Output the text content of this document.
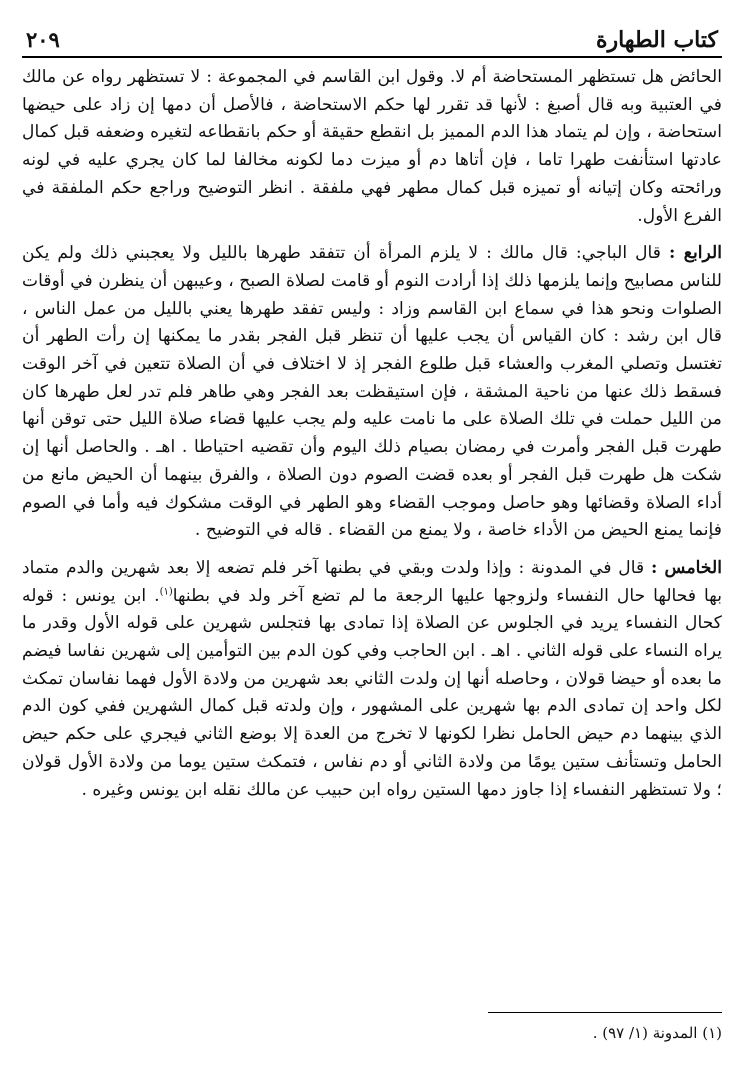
كتاب الطهارة
٢٠٩

الحائض هل تستظهر المستحاضة أم لا. وقول ابن القاسم في المجموعة : لا تستظهر رواه عن مالك في العتبية وبه قال أصبغ : لأنها قد تقرر لها حكم الاستحاضة ، فالأصل أن دمها إن زاد على حيضها استحاضة ، وإن لم يتماد هذا الدم المميز بل انقطع حقيقة أو حكم بانقطاعه لتغيره وضعفه قبل كمال عادتها استأنفت طهرا تاما ، فإن أتاها دم أو ميزت دما لكونه مخالفا لما كان يجري عليه في لونه ورائحته وكان إتيانه أو تميزه قبل كمال مطهر فهي ملفقة . انظر التوضيح وراجع حكم الملفقة في الفرع الأول.

الرابع : قال الباجي: قال مالك : لا يلزم المرأة أن تتفقد طهرها بالليل ولا يعجبني ذلك ولم يكن للناس مصابيح وإنما يلزمها ذلك إذا أرادت النوم أو قامت لصلاة الصبح ، وعيبهن أن ينظرن في أوقات الصلوات ونحو هذا في سماع ابن القاسم وزاد : وليس تفقد طهرها يعني بالليل من عمل الناس ، قال ابن رشد : كان القياس أن يجب عليها أن تنظر قبل الفجر بقدر ما يمكنها إن رأت الطهر أن تغتسل وتصلي المغرب والعشاء قبل طلوع الفجر إذ لا اختلاف في أن الصلاة تتعين في آخر الوقت فسقط ذلك عنها من ناحية المشقة ، فإن استيقظت بعد الفجر وهي طاهر فلم تدر لعل طهرها كان من الليل حملت في تلك الصلاة على ما نامت عليه ولم يجب عليها قضاء صلاة الليل حتى توقن أنها طهرت قبل الفجر وأمرت في رمضان بصيام ذلك اليوم وأن تقضيه احتياطا . اهـ . والحاصل أنها إن شكت هل طهرت قبل الفجر أو بعده قضت الصوم دون الصلاة ، والفرق بينهما أن الحيض مانع من أداء الصلاة وقضائها وهو حاصل وموجب القضاء وهو الطهر في الوقت مشكوك فيه وأما في الصوم فإنما يمنع الحيض من الأداء خاصة ، ولا يمنع من القضاء . قاله في التوضيح .

الخامس : قال في المدونة : وإذا ولدت وبقي في بطنها آخر فلم تضعه إلا بعد شهرين والدم متماد بها فحالها حال النفساء ولزوجها عليها الرجعة ما لم تضع آخر ولد في بطنها$^{(١)}$. ابن يونس : قوله كحال النفساء يريد في الجلوس عن الصلاة إذا تمادى بها فتجلس شهرين على قوله الأول وقدر ما يراه النساء على قوله الثاني . اهـ . ابن الحاجب وفي كون الدم بين التوأمين إلى شهرين نفاسا فيضم ما بعده أو حيضا قولان ، وحاصله أنها إن ولدت الثاني بعد شهرين من ولادة الأول فهما نفاسان تمكث لكل واحد إن تمادى الدم بها شهرين على المشهور ، وإن ولدته قبل كمال الشهرين ففي كون الدم الذي بينهما دم حيض الحامل نظرا لكونها لا تخرج من العدة إلا بوضع الثاني فيجري على حكم حيض الحامل وتستأنف ستين يومًا من ولادة الثاني أو دم نفاس ، فتمكث ستين يوما من ولادة الأول قولان ؛ ولا تستظهر النفساء إذا جاوز دمها الستين رواه ابن حبيب عن مالك نقله ابن يونس وغيره .

(١) المدونة (١/ ٩٧) .
